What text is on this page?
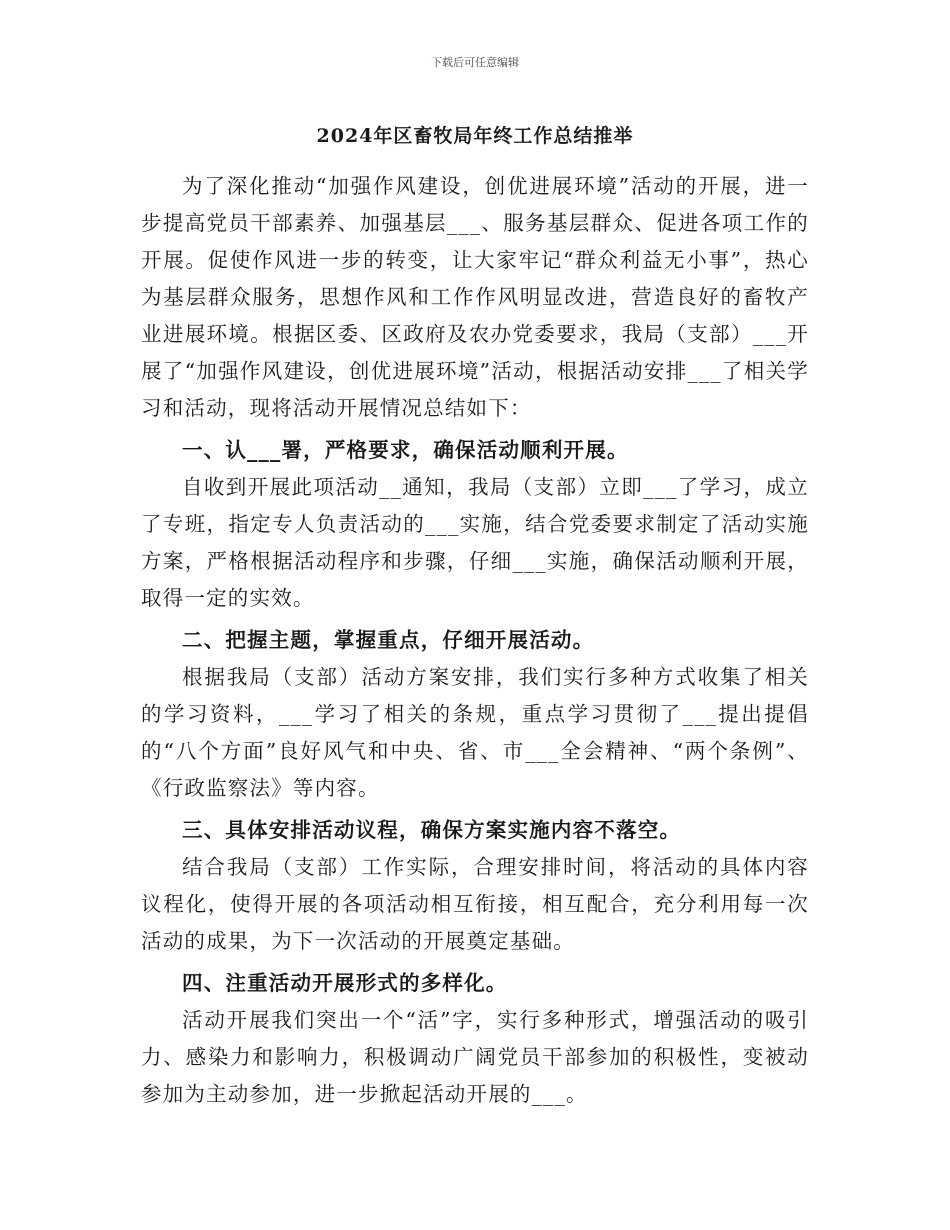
下载后可任意编辑
2024年区畜牧局年终工作总结推举

为了深化推动“加强作风建设，创优进展环境”活动的开展，进一步提高党员干部素养、加强基层___、服务基层群众、促进各项工作的开展。促使作风进一步的转变，让大家牢记“群众利益无小事”，热心为基层群众服务，思想作风和工作作风明显改进，营造良好的畜牧产业进展环境。根据区委、区政府及农办党委要求，我局（支部）___开展了“加强作风建设，创优进展环境”活动，根据活动安排___了相关学习和活动，现将活动开展情况总结如下：

一、认___署，严格要求，确保活动顺利开展。

自收到开展此项活动__通知，我局（支部）立即___了学习，成立了专班，指定专人负责活动的___实施，结合党委要求制定了活动实施方案，严格根据活动程序和步骤，仔细___实施，确保活动顺利开展，取得一定的实效。

二、把握主题，掌握重点，仔细开展活动。

根据我局（支部）活动方案安排，我们实行多种方式收集了相关的学习资料，___学习了相关的条规，重点学习贯彻了___提出提倡的“八个方面”良好风气和中央、省、市___全会精神、“两个条例”、《行政监察法》等内容。

三、具体安排活动议程，确保方案实施内容不落空。

结合我局（支部）工作实际，合理安排时间，将活动的具体内容议程化，使得开展的各项活动相互衔接，相互配合，充分利用每一次活动的成果，为下一次活动的开展奠定基础。

四、注重活动开展形式的多样化。

活动开展我们突出一个“活”字，实行多种形式，增强活动的吸引力、感染力和影响力，积极调动广阔党员干部参加的积极性，变被动参加为主动参加，进一步掀起活动开展的___。
